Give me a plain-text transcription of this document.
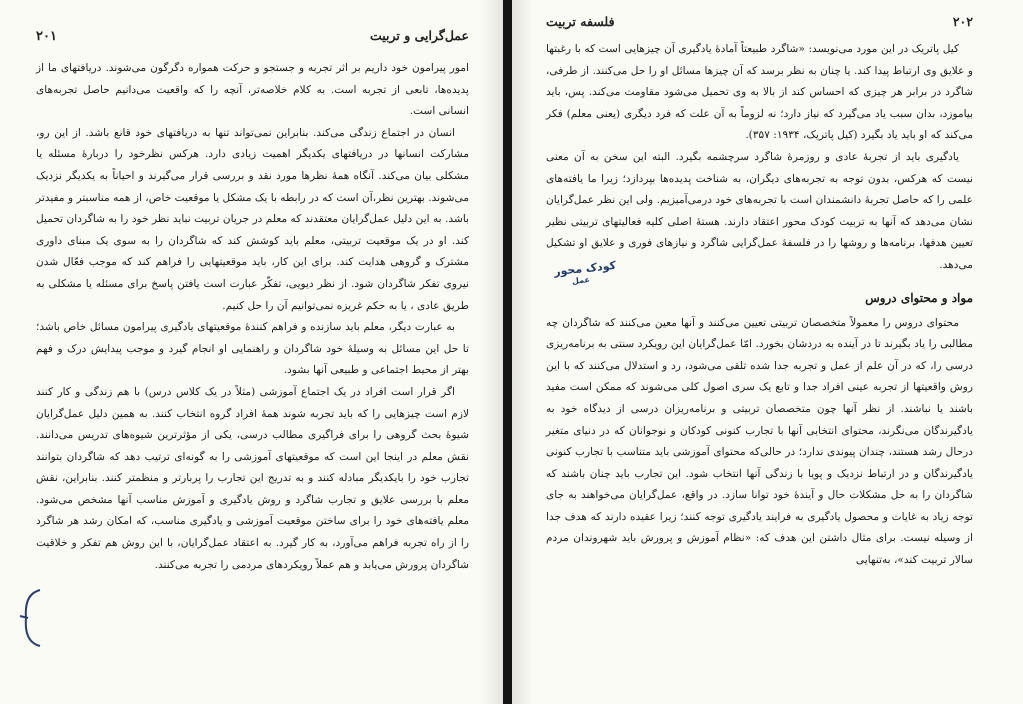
عمل‌گرایی و تربیت
۲۰۱

امور پیرامون خود داریم بر اثر تجربه و جستجو و حرکت همواره دگرگون می‌شوند. دریافتهای ما از پدیده‌ها، تابعی از تجربه است. به کلام خلاصه‌تر، آنچه را که واقعیت می‌دانیم حاصل تجربه‌های انسانی است.

انسان در اجتماع زندگی می‌کند. بنابراین نمی‌تواند تنها به دریافتهای خود قانع باشد. از این رو، مشارکت انسانها در دریافتهای یکدیگر اهمیت زیادی دارد. هرکس نظرخود را دربارهٔ مسئله یا مشکلی بیان می‌کند. آنگاه همهٔ نظرها مورد نقد و بررسی قرار می‌گیرند و احیاناً به یکدیگر نزدیک می‌شوند. بهترین نظر،آن است که در رابطه با یک مشکل یا موقعیت خاص، از همه مناسبتر و مفیدتر باشد. به این دلیل عمل‌گرایان معتقدند که معلم در جریان تربیت نباید نظر خود را به شاگردان تحمیل کند. او در یک موقعیت تربیتی، معلم باید کوشش کند که شاگردان را به سوی یک مبنای داوری مشترک و گروهی هدایت کند. برای این کار، باید موقعیتهایی را فراهم کند که موجب فعّال شدن نیروی تفکر شاگردان شود. از نظر دیویی، تفکّر عبارت است یافتن پاسخ برای مسئله یا مشکلی به طریق عادی ، یا به حکم غریزه نمی‌توانیم آن را حل کنیم.

به عبارت دیگر، معلم باید سازنده و فراهم کنندهٔ موقعیتهای یادگیری پیرامون مسائل خاص باشد؛ تا حل این مسائل به وسیلهٔ خود شاگردان و راهنمایی او انجام گیرد و موجب پیدایش درک و فهم بهتر از محیط اجتماعی و طبیعی آنها بشود.

اگر قرار است افراد در یک اجتماع آموزشی (مثلاً در یک کلاس درس) با هم زندگی و کار کنند لازم است چیزهایی را که باید تجربه شوند همهٔ افراد گروه انتخاب کنند. به همین دلیل عمل‌گرایان شیوهٔ بحث گروهی را برای فراگیری مطالب درسی، یکی از مؤثرترین شیوه‌های تدریس می‌دانند. نقش معلم در اینجا این است که موقعیتهای آموزشی را به گونه‌ای ترتیب دهد که شاگردان بتوانند تجارب خود را بایکدیگر مبادله کنند و به تدریج این تجارب را پربارتر و منظمتر کنند. بنابراین، نقش معلم با بررسی علایق و تجارب شاگرد و روش یادگیری و آموزش مناسب آنها مشخص می‌شود. معلم یافته‌های خود را برای ساختن موقعیت آموزشی و یادگیری مناسب، که امکان رشد هر شاگرد را از راه تجربه فراهم می‌آورد، به کار گیرد. به اعتقاد عمل‌گرایان، با این روش هم تفکر و خلاقیت شاگردان پرورش می‌یابد و هم عملاً رویکردهای مردمی را تجربه می‌کنند.

۲۰۲
فلسفه تربیت

کیل پاتریک در این مورد می‌نویسد: «شاگرد طبیعتاً آمادهٔ یادگیری آن چیزهایی است که با رغبتها و علایق وی ارتباط پیدا کند. یا چنان به نظر برسد که آن چیزها مسائل او را حل می‌کنند. از طرفی، شاگرد در برابر هر چیزی که احساس کند از بالا به وی تحمیل می‌شود مقاومت می‌کند. پس، باید بیاموزد، بدان سبب یاد می‌گیرد که نیاز دارد؛ نه لزوماً به آن علت که فرد دیگری (یعنی معلم) فکر می‌کند که او باید یاد بگیرد (کیل پاتریک، ۱۹۳۴: ۳۵۷).

یادگیری باید از تجربهٔ عادی و روزمرهٔ شاگرد سرچشمه بگیرد. البته این سخن به آن معنی نیست که هرکس، بدون توجه به تجربه‌های دیگران، به شناخت پدیده‌ها بپردازد؛ زیرا ما یافته‌های علمی را که حاصل تجربهٔ دانشمندان است با تجربه‌های خود درمی‌آمیزیم. ولی این نظر عمل‌گرایان نشان می‌دهد که آنها به تربیت کودک محور اعتقاد دارند. هستهٔ اصلی کلیه فعالیتهای تربیتی نظیر تعیین هدفها، برنامه‌ها و روشها را در فلسفهٔ عمل‌گرایی شاگرد و نیازهای فوری و علایق او تشکیل می‌دهد.

مواد و محتوای دروس

محتوای دروس را معمولاً متخصصان تربیتی تعیین می‌کنند و آنها معین می‌کنند که شاگردان چه مطالبی را یاد بگیرند تا در آینده به دردشان بخورد. امّا عمل‌گرایان این رویکرد سنتی به برنامه‌ریزی درسی را، که در آن علم از عمل و تجربه جدا شده تلقی می‌شود، رد و استدلال می‌کنند که با این روش واقعیتها از تجربه عینی افراد جدا و تابع یک سری اصول کلی می‌شوند که ممکن است مفید باشند یا نباشند. از نظر آنها چون متخصصان تربیتی و برنامه‌ریزان درسی از دیدگاه خود به یادگیرندگان می‌نگرند، محتوای انتخابی آنها با تجارب کنونی کودکان و نوجوانان که در دنیای متغیر درحال رشد هستند، چندان پیوندی ندارد؛ در حالی‌که محتوای آموزشی باید متناسب با تجارب کنونی یادگیرندگان و در ارتباط نزدیک و پویا با زندگی آنها انتخاب شود. این تجارب باید چنان باشند که شاگردان را به حل مشکلات حال و آیندهٔ خود توانا سازد. در واقع، عمل‌گرایان می‌خواهند به جای توجه زیاد به غایات و محصول یادگیری به فرایند یادگیری توجه کنند؛ زیرا عقیده دارند که هدف جدا از وسیله نیست. برای مثال داشتن این هدف که: «نظام آموزش و پرورش باید شهروندان مردم سالار تربیت کند»، به‌تنهایی

کودک محور
عمل
